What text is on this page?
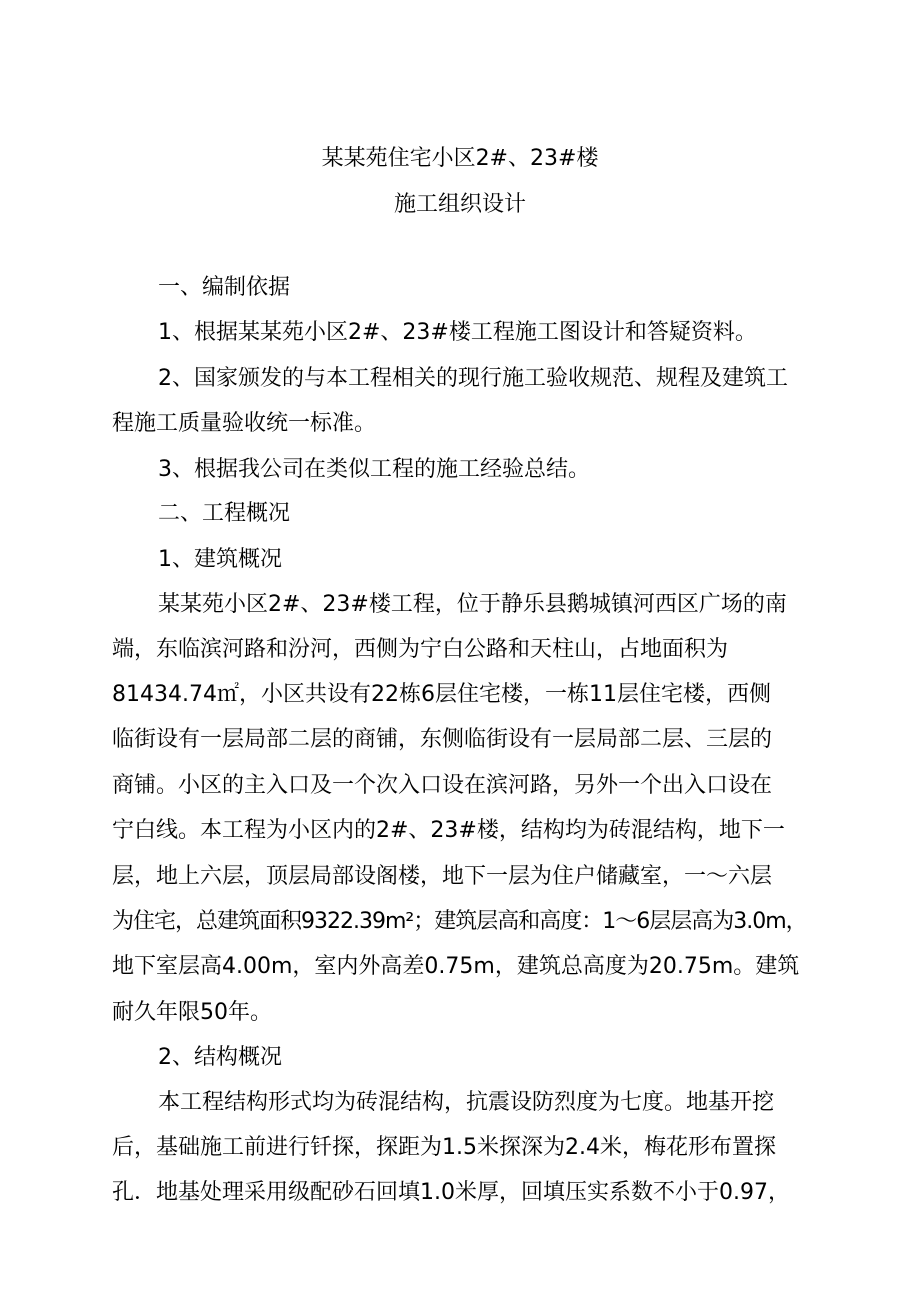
某某苑住宅小区2#、23#楼
施工组织设计
一、编制依据
1、根据某某苑小区2#、23#楼工程施工图设计和答疑资料。
2、国家颁发的与本工程相关的现行施工验收规范、规程及建筑工
程施工质量验收统一标准。
3、根据我公司在类似工程的施工经验总结。
二、工程概况
1、建筑概况
某某苑小区2#、23#楼工程，位于静乐县鹅城镇河西区广场的南
端，东临滨河路和汾河，西侧为宁白公路和天柱山，占地面积为
81434.74㎡，小区共设有22栋6层住宅楼，一栋11层住宅楼，西侧
临街设有一层局部二层的商铺，东侧临街设有一层局部二层、三层的
商铺。小区的主入口及一个次入口设在滨河路，另外一个出入口设在
宁白线。本工程为小区内的2#、23#楼，结构均为砖混结构，地下一
层，地上六层，顶层局部设阁楼，地下一层为住户储藏室，一～六层
为住宅，总建筑面积9322.39m²；建筑层高和高度：1～6层层高为3.0m，
地下室层高4.00m，室内外高差0.75m，建筑总高度为20.75m。建筑
耐久年限50年。
2、结构概况
本工程结构形式均为砖混结构，抗震设防烈度为七度。地基开挖
后，基础施工前进行钎探，探距为1.5米探深为2.4米，梅花形布置探
孔．地基处理采用级配砂石回填1.0米厚，回填压实系数不小于0.97，
